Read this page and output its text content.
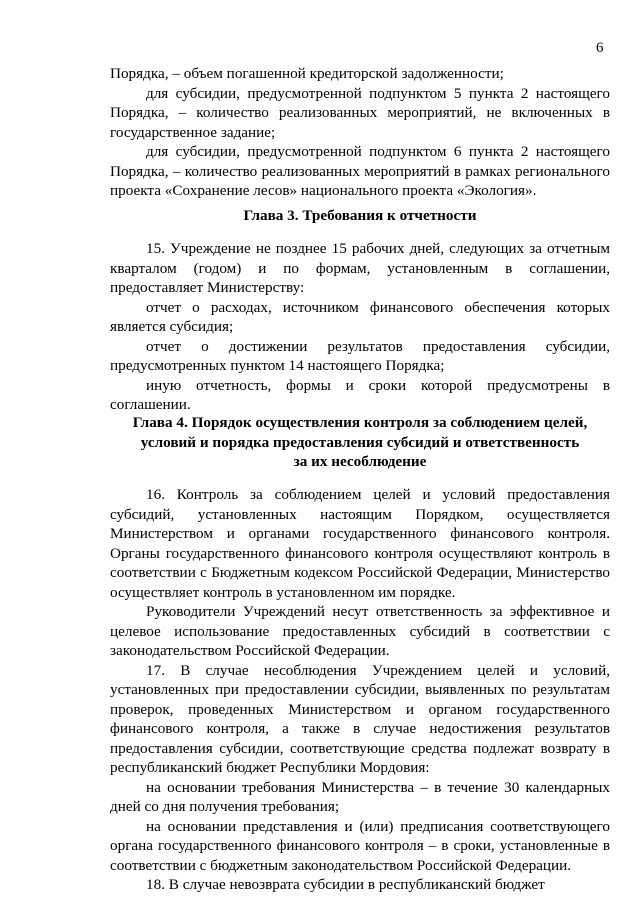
6

Порядка, – объем погашенной кредиторской задолженности;

для субсидии, предусмотренной подпунктом 5 пункта 2 настоящего Порядка, – количество реализованных мероприятий, не включенных в государственное задание;

для субсидии, предусмотренной подпунктом 6 пункта 2 настоящего Порядка, – количество реализованных мероприятий в рамках регионального проекта «Сохранение лесов» национального проекта «Экология».

Глава 3. Требования к отчетности

15. Учреждение не позднее 15 рабочих дней, следующих за отчетным кварталом (годом) и по формам, установленным в соглашении, предоставляет Министерству:

отчет о расходах, источником финансового обеспечения которых является субсидия;

отчет о достижении результатов предоставления субсидии, предусмотренных пунктом 14 настоящего Порядка;

иную отчетность, формы и сроки которой предусмотрены в соглашении.

Глава 4. Порядок осуществления контроля за соблюдением целей,
условий и порядка предоставления субсидий и ответственность
за их несоблюдение

16. Контроль за соблюдением целей и условий предоставления субсидий, установленных настоящим Порядком, осуществляется Министерством и органами государственного финансового контроля. Органы государственного финансового контроля осуществляют контроль в соответствии с Бюджетным кодексом Российской Федерации, Министерство осуществляет контроль в установленном им порядке.

Руководители Учреждений несут ответственность за эффективное и целевое использование предоставленных субсидий в соответствии с законодательством Российской Федерации.

17. В случае несоблюдения Учреждением целей и условий, установленных при предоставлении субсидии, выявленных по результатам проверок, проведенных Министерством и органом государственного финансового контроля, а также в случае недостижения результатов предоставления субсидии, соответствующие средства подлежат возврату в республиканский бюджет Республики Мордовия:

на основании требования Министерства – в течение 30 календарных дней со дня получения требования;

на основании представления и (или) предписания соответствующего органа государственного финансового контроля – в сроки, установленные в соответствии с бюджетным законодательством Российской Федерации.

18. В случае невозврата субсидии в республиканский бюджет
